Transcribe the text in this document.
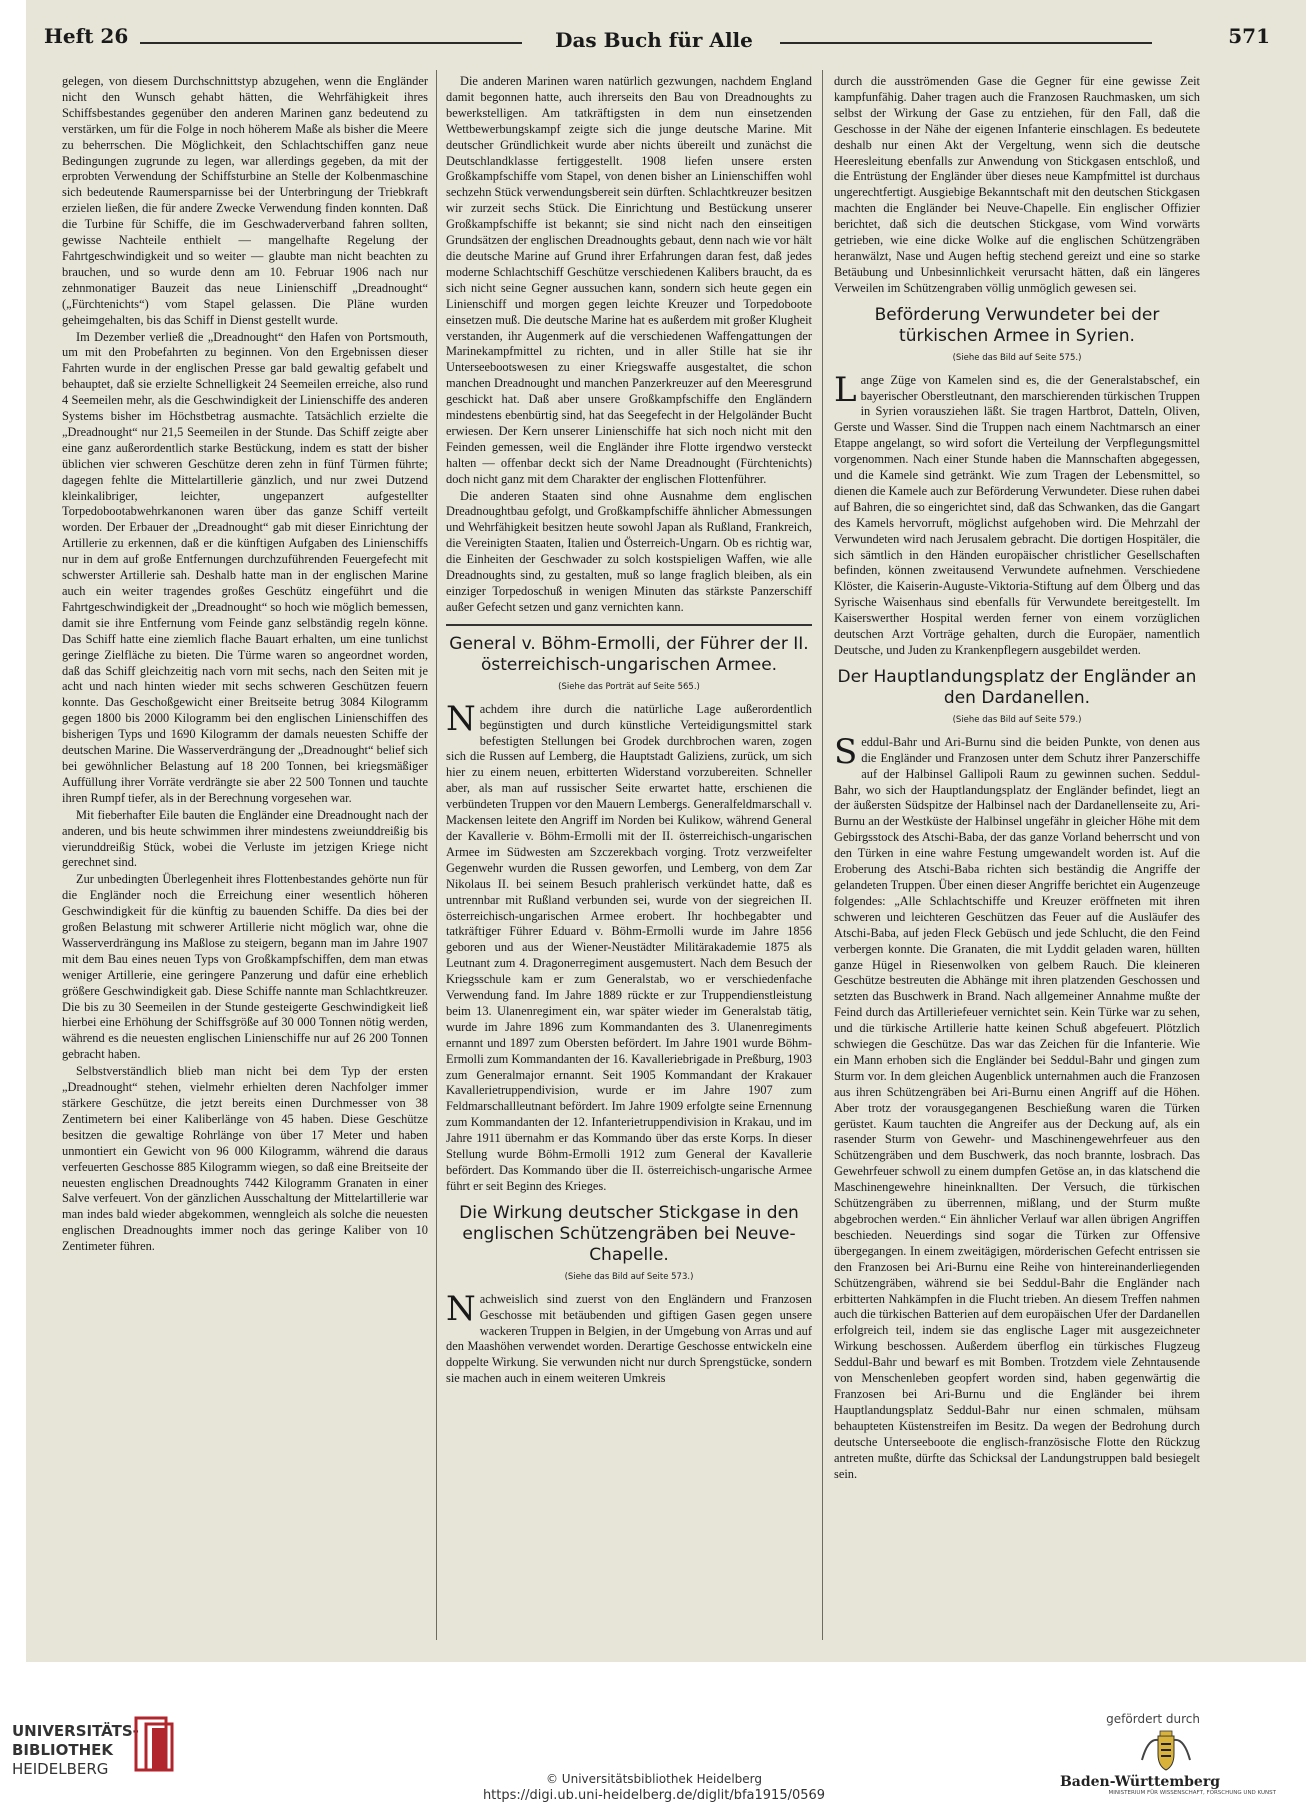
Heft 26	Das Buch für Alle	571

gelegen, von diesem Durchschnittstyp abzugehen, wenn die Engländer nicht den Wunsch gehabt hätten, die Wehrfähigkeit ihres Schiffsbestandes gegenüber den anderen Marinen ganz bedeutend zu verstärken, um für die Folge in noch höherem Maße als bisher die Meere zu beherrschen. Die Möglichkeit, den Schlachtschiffen ganz neue Bedingungen zugrunde zu legen, war allerdings gegeben, da mit der erprobten Verwendung der Schiffsturbine an Stelle der Kolbenmaschine sich bedeutende Raumersparnisse bei der Unterbringung der Triebkraft erzielen ließen, die für andere Zwecke Verwendung finden konnten. Daß die Turbine für Schiffe, die im Geschwaderverband fahren sollten, gewisse Nachteile enthielt — mangelhafte Regelung der Fahrtgeschwindigkeit und so weiter — glaubte man nicht beachten zu brauchen, und so wurde denn am 10. Februar 1906 nach nur zehnmonatiger Bauzeit das neue Linienschiff „Dreadnought“ („Fürchtenichts“) vom Stapel gelassen. Die Pläne wurden geheimgehalten, bis das Schiff in Dienst gestellt wurde.

Im Dezember verließ die „Dreadnought“ den Hafen von Portsmouth, um mit den Probefahrten zu beginnen. Von den Ergebnissen dieser Fahrten wurde in der englischen Presse gar bald gewaltig gefabelt und behauptet, daß sie erzielte Schnelligkeit 24 Seemeilen erreiche, also rund 4 Seemeilen mehr, als die Geschwindigkeit der Linienschiffe des anderen Systems bisher im Höchstbetrag ausmachte. Tatsächlich erzielte die „Dreadnought“ nur 21,5 Seemeilen in der Stunde. Das Schiff zeigte aber eine ganz außerordentlich starke Bestückung, indem es statt der bisher üblichen vier schweren Geschütze deren zehn in fünf Türmen führte; dagegen fehlte die Mittelartillerie gänzlich, und nur zwei Dutzend kleinkalibriger, leichter, ungepanzert aufgestellter Torpedobootabwehrkanonen waren über das ganze Schiff verteilt worden. Der Erbauer der „Dreadnought“ gab mit dieser Einrichtung der Artillerie zu erkennen, daß er die künftigen Aufgaben des Linienschiffs nur in dem auf große Entfernungen durchzuführenden Feuergefecht mit schwerster Artillerie sah. Deshalb hatte man in der englischen Marine auch ein weiter tragendes großes Geschütz eingeführt und die Fahrtgeschwindigkeit der „Dreadnought“ so hoch wie möglich bemessen, damit sie ihre Entfernung vom Feinde ganz selbständig regeln könne. Das Schiff hatte eine ziemlich flache Bauart erhalten, um eine tunlichst geringe Zielfläche zu bieten. Die Türme waren so angeordnet worden, daß das Schiff gleichzeitig nach vorn mit sechs, nach den Seiten mit je acht und nach hinten wieder mit sechs schweren Geschützen feuern konnte. Das Geschoßgewicht einer Breitseite betrug 3084 Kilogramm gegen 1800 bis 2000 Kilogramm bei den englischen Linienschiffen des bisherigen Typs und 1690 Kilogramm der damals neuesten Schiffe der deutschen Marine. Die Wasserverdrängung der „Dreadnought“ belief sich bei gewöhnlicher Belastung auf 18 200 Tonnen, bei kriegsmäßiger Auffüllung ihrer Vorräte verdrängte sie aber 22 500 Tonnen und tauchte ihren Rumpf tiefer, als in der Berechnung vorgesehen war.

Mit fieberhafter Eile bauten die Engländer eine Dreadnought nach der anderen, und bis heute schwimmen ihrer mindestens zweiunddreißig bis vierunddreißig Stück, wobei die Verluste im jetzigen Kriege nicht gerechnet sind.

Zur unbedingten Überlegenheit ihres Flottenbestandes gehörte nun für die Engländer noch die Erreichung einer wesentlich höheren Geschwindigkeit für die künftig zu bauenden Schiffe. Da dies bei der großen Belastung mit schwerer Artillerie nicht möglich war, ohne die Wasserverdrängung ins Maßlose zu steigern, begann man im Jahre 1907 mit dem Bau eines neuen Typs von Großkampfschiffen, dem man etwas weniger Artillerie, eine geringere Panzerung und dafür eine erheblich größere Geschwindigkeit gab. Diese Schiffe nannte man Schlachtkreuzer. Die bis zu 30 Seemeilen in der Stunde gesteigerte Geschwindigkeit ließ hierbei eine Erhöhung der Schiffsgröße auf 30 000 Tonnen nötig werden, während es die neuesten englischen Linienschiffe nur auf 26 200 Tonnen gebracht haben.

Selbstverständlich blieb man nicht bei dem Typ der ersten „Dreadnought“ stehen, vielmehr erhielten deren Nachfolger immer stärkere Geschütze, die jetzt bereits einen Durchmesser von 38 Zentimetern bei einer Kaliberlänge von 45 haben. Diese Geschütze besitzen die gewaltige Rohrlänge von über 17 Meter und haben unmontiert ein Gewicht von 96 000 Kilogramm, während die daraus verfeuerten Geschosse 885 Kilogramm wiegen, so daß eine Breitseite der neuesten englischen Dreadnoughts 7442 Kilogramm Granaten in einer Salve verfeuert. Von der gänzlichen Ausschaltung der Mittelartillerie war man indes bald wieder abgekommen, wenngleich als solche die neuesten englischen Dreadnoughts immer noch das geringe Kaliber von 10 Zentimeter führen.

Die anderen Marinen waren natürlich gezwungen, nachdem England damit begonnen hatte, auch ihrerseits den Bau von Dreadnoughts zu bewerkstelligen. Am tatkräftigsten in dem nun einsetzenden Wettbewerbungskampf zeigte sich die junge deutsche Marine. Mit deutscher Gründlichkeit wurde aber nichts übereilt und zunächst die Deutschlandklasse fertiggestellt. 1908 liefen unsere ersten Großkampfschiffe vom Stapel, von denen bisher an Linienschiffen wohl sechzehn Stück verwendungsbereit sein dürften. Schlachtkreuzer besitzen wir zurzeit sechs Stück. Die Einrichtung und Bestückung unserer Großkampfschiffe ist bekannt; sie sind nicht nach den einseitigen Grundsätzen der englischen Dreadnoughts gebaut, denn nach wie vor hält die deutsche Marine auf Grund ihrer Erfahrungen daran fest, daß jedes moderne Schlachtschiff Geschütze verschiedenen Kalibers braucht, da es sich nicht seine Gegner aussuchen kann, sondern sich heute gegen ein Linienschiff und morgen gegen leichte Kreuzer und Torpedoboote einsetzen muß. Die deutsche Marine hat es außerdem mit großer Klugheit verstanden, ihr Augenmerk auf die verschiedenen Waffengattungen der Marinekampfmittel zu richten, und in aller Stille hat sie ihr Unterseebootswesen zu einer Kriegswaffe ausgestaltet, die schon manchen Dreadnought und manchen Panzerkreuzer auf den Meeresgrund geschickt hat. Daß aber unsere Großkampfschiffe den Engländern mindestens ebenbürtig sind, hat das Seegefecht in der Helgoländer Bucht erwiesen. Der Kern unserer Linienschiffe hat sich noch nicht mit den Feinden gemessen, weil die Engländer ihre Flotte irgendwo versteckt halten — offenbar deckt sich der Name Dreadnought (Fürchtenichts) doch nicht ganz mit dem Charakter der englischen Flottenführer.

Die anderen Staaten sind ohne Ausnahme dem englischen Dreadnoughtbau gefolgt, und Großkampfschiffe ähnlicher Abmessungen und Wehrfähigkeit besitzen heute sowohl Japan als Rußland, Frankreich, die Vereinigten Staaten, Italien und Österreich-Ungarn. Ob es richtig war, die Einheiten der Geschwader zu solch kostspieligen Waffen, wie alle Dreadnoughts sind, zu gestalten, muß so lange fraglich bleiben, als ein einziger Torpedoschuß in wenigen Minuten das stärkste Panzerschiff außer Gefecht setzen und ganz vernichten kann.

General v. Böhm-Ermolli, der Führer der II. österreichisch-ungarischen Armee.
(Siehe das Porträt auf Seite 565.)

Nachdem ihre durch die natürliche Lage außerordentlich begünstigten und durch künstliche Verteidigungsmittel stark befestigten Stellungen bei Grodek durchbrochen waren, zogen sich die Russen auf Lemberg, die Hauptstadt Galiziens, zurück, um sich hier zu einem neuen, erbitterten Widerstand vorzubereiten. Schneller aber, als man auf russischer Seite erwartet hatte, erschienen die verbündeten Truppen vor den Mauern Lembergs. Generalfeldmarschall v. Mackensen leitete den Angriff im Norden bei Kulikow, während General der Kavallerie v. Böhm-Ermolli mit der II. österreichisch-ungarischen Armee im Südwesten am Szczerekbach vorging. Trotz verzweifelter Gegenwehr wurden die Russen geworfen, und Lemberg, von dem Zar Nikolaus II. bei seinem Besuch prahlerisch verkündet hatte, daß es untrennbar mit Rußland verbunden sei, wurde von der siegreichen II. österreichisch-ungarischen Armee erobert. Ihr hochbegabter und tatkräftiger Führer Eduard v. Böhm-Ermolli wurde im Jahre 1856 geboren und aus der Wiener-Neustädter Militärakademie 1875 als Leutnant zum 4. Dragonerregiment ausgemustert. Nach dem Besuch der Kriegsschule kam er zum Generalstab, wo er verschiedenfache Verwendung fand. Im Jahre 1889 rückte er zur Truppendienstleistung beim 13. Ulanenregiment ein, war später wieder im Generalstab tätig, wurde im Jahre 1896 zum Kommandanten des 3. Ulanenregiments ernannt und 1897 zum Obersten befördert. Im Jahre 1901 wurde Böhm-Ermolli zum Kommandanten der 16. Kavalleriebrigade in Preßburg, 1903 zum Generalmajor ernannt. Seit 1905 Kommandant der Krakauer Kavallerietruppendivision, wurde er im Jahre 1907 zum Feldmarschallleutnant befördert. Im Jahre 1909 erfolgte seine Ernennung zum Kommandanten der 12. Infanterietruppendivision in Krakau, und im Jahre 1911 übernahm er das Kommando über das erste Korps. In dieser Stellung wurde Böhm-Ermolli 1912 zum General der Kavallerie befördert. Das Kommando über die II. österreichisch-ungarische Armee führt er seit Beginn des Krieges.

Die Wirkung deutscher Stickgase in den englischen Schützengräben bei Neuve-Chapelle.
(Siehe das Bild auf Seite 573.)

Nachweislich sind zuerst von den Engländern und Franzosen Geschosse mit betäubenden und giftigen Gasen gegen unsere wackeren Truppen in Belgien, in der Umgebung von Arras und auf den Maashöhen verwendet worden. Derartige Geschosse entwickeln eine doppelte Wirkung. Sie verwunden nicht nur durch Sprengstücke, sondern sie machen auch in einem weiteren Umkreis

durch die ausströmenden Gase die Gegner für eine gewisse Zeit kampfunfähig. Daher tragen auch die Franzosen Rauchmasken, um sich selbst der Wirkung der Gase zu entziehen, für den Fall, daß die Geschosse in der Nähe der eigenen Infanterie einschlagen. Es bedeutete deshalb nur einen Akt der Vergeltung, wenn sich die deutsche Heeresleitung ebenfalls zur Anwendung von Stickgasen entschloß, und die Entrüstung der Engländer über dieses neue Kampfmittel ist durchaus ungerechtfertigt. Ausgiebige Bekanntschaft mit den deutschen Stickgasen machten die Engländer bei Neuve-Chapelle. Ein englischer Offizier berichtet, daß sich die deutschen Stickgase, vom Wind vorwärts getrieben, wie eine dicke Wolke auf die englischen Schützengräben heranwälzt, Nase und Augen heftig stechend gereizt und eine so starke Betäubung und Unbesinnlichkeit verursacht hätten, daß ein längeres Verweilen im Schützengraben völlig unmöglich gewesen sei.

Beförderung Verwundeter bei der türkischen Armee in Syrien.
(Siehe das Bild auf Seite 575.)

Lange Züge von Kamelen sind es, die der Generalstabschef, ein bayerischer Oberstleutnant, den marschierenden türkischen Truppen in Syrien vorausziehen läßt. Sie tragen Hartbrot, Datteln, Oliven, Gerste und Wasser. Sind die Truppen nach einem Nachtmarsch an einer Etappe angelangt, so wird sofort die Verteilung der Verpflegungsmittel vorgenommen. Nach einer Stunde haben die Mannschaften abgegessen, und die Kamele sind getränkt. Wie zum Tragen der Lebensmittel, so dienen die Kamele auch zur Beförderung Verwundeter. Diese ruhen dabei auf Bahren, die so eingerichtet sind, daß das Schwanken, das die Gangart des Kamels hervorruft, möglichst aufgehoben wird. Die Mehrzahl der Verwundeten wird nach Jerusalem gebracht. Die dortigen Hospitäler, die sich sämtlich in den Händen europäischer christlicher Gesellschaften befinden, können zweitausend Verwundete aufnehmen. Verschiedene Klöster, die Kaiserin-Auguste-Viktoria-Stiftung auf dem Ölberg und das Syrische Waisenhaus sind ebenfalls für Verwundete bereitgestellt. Im Kaiserswerther Hospital werden ferner von einem vorzüglichen deutschen Arzt Vorträge gehalten, durch die Europäer, namentlich Deutsche, und Juden zu Krankenpflegern ausgebildet werden.

Der Hauptlandungsplatz der Engländer an den Dardanellen.
(Siehe das Bild auf Seite 579.)

Seddul-Bahr und Ari-Burnu sind die beiden Punkte, von denen aus die Engländer und Franzosen unter dem Schutz ihrer Panzerschiffe auf der Halbinsel Gallipoli Raum zu gewinnen suchen. Seddul-Bahr, wo sich der Hauptlandungsplatz der Engländer befindet, liegt an der äußersten Südspitze der Halbinsel nach der Dardanellenseite zu, Ari-Burnu an der Westküste der Halbinsel ungefähr in gleicher Höhe mit dem Gebirgsstock des Atschi-Baba, der das ganze Vorland beherrscht und von den Türken in eine wahre Festung umgewandelt worden ist. Auf die Eroberung des Atschi-Baba richten sich beständig die Angriffe der gelandeten Truppen. Über einen dieser Angriffe berichtet ein Augenzeuge folgendes: „Alle Schlachtschiffe und Kreuzer eröffneten mit ihren schweren und leichteren Geschützen das Feuer auf die Ausläufer des Atschi-Baba, auf jeden Fleck Gebüsch und jede Schlucht, die den Feind verbergen konnte. Die Granaten, die mit Lyddit geladen waren, hüllten ganze Hügel in Riesenwolken von gelbem Rauch. Die kleineren Geschütze bestreuten die Abhänge mit ihren platzenden Geschossen und setzten das Buschwerk in Brand. Nach allgemeiner Annahme mußte der Feind durch das Artilleriefeuer vernichtet sein. Kein Türke war zu sehen, und die türkische Artillerie hatte keinen Schuß abgefeuert. Plötzlich schwiegen die Geschütze. Das war das Zeichen für die Infanterie. Wie ein Mann erhoben sich die Engländer bei Seddul-Bahr und gingen zum Sturm vor. In dem gleichen Augenblick unternahmen auch die Franzosen aus ihren Schützengräben bei Ari-Burnu einen Angriff auf die Höhen. Aber trotz der vorausgegangenen Beschießung waren die Türken gerüstet. Kaum tauchten die Angreifer aus der Deckung auf, als ein rasender Sturm von Gewehr- und Maschinengewehrfeuer aus den Schützengräben und dem Buschwerk, das noch brannte, losbrach. Das Gewehrfeuer schwoll zu einem dumpfen Getöse an, in das klatschend die Maschinengewehre hineinknallten. Der Versuch, die türkischen Schützengräben zu überrennen, mißlang, und der Sturm mußte abgebrochen werden.“ Ein ähnlicher Verlauf war allen übrigen Angriffen beschieden. Neuerdings sind sogar die Türken zur Offensive übergegangen. In einem zweitägigen, mörderischen Gefecht entrissen sie den Franzosen bei Ari-Burnu eine Reihe von hintereinanderliegenden Schützengräben, während sie bei Seddul-Bahr die Engländer nach erbitterten Nahkämpfen in die Flucht trieben. An diesem Treffen nahmen auch die türkischen Batterien auf dem europäischen Ufer der Dardanellen erfolgreich teil, indem sie das englische Lager mit ausgezeichneter Wirkung beschossen. Außerdem überflog ein türkisches Flugzeug Seddul-Bahr und bewarf es mit Bomben. Trotzdem viele Zehntausende von Menschenleben geopfert worden sind, haben gegenwärtig die Franzosen bei Ari-Burnu und die Engländer bei ihrem Hauptlandungsplatz Seddul-Bahr nur einen schmalen, mühsam behaupteten Küstenstreifen im Besitz. Da wegen der Bedrohung durch deutsche Unterseeboote die englisch-französische Flotte den Rückzug antreten mußte, dürfte das Schicksal der Landungstruppen bald besiegelt sein.

UNIVERSITÄTS-
BIBLIOTHEK
HEIDELBERG
© Universitätsbibliothek Heidelberg
https://digi.ub.uni-heidelberg.de/diglit/bfa1915/0569
gefördert durch
Baden-Württemberg
MINISTERIUM FÜR WISSENSCHAFT, FORSCHUNG UND KUNST
